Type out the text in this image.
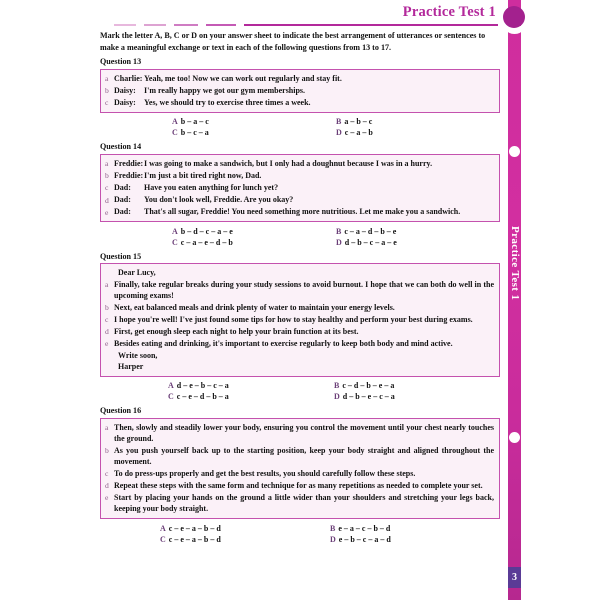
Practice Test 1
Practice Test 1
3
Mark the letter A, B, C or D on your answer sheet to indicate the best arrangement of utterances or sentences to make a meaningful exchange or text in each of the following questions from 13 to 17.
Question 13
a Charlie: Yeah, me too! Now we can work out regularly and stay fit.
b Daisy:	I'm really happy we got our gym memberships.
c Daisy:	Yes, we should try to exercise three times a week.
A b – a – c
C b – c – a
B a – b – c
D c – a – b
Question 14
a Freddie: I was going to make a sandwich, but I only had a doughnut because I was in a hurry.
b Freddie: I'm just a bit tired right now, Dad.
c Dad:	Have you eaten anything for lunch yet?
d Dad:	You don't look well, Freddie. Are you okay?
e Dad:	That's all sugar, Freddie! You need something more nutritious. Let me make you a sandwich.
A b – d – c – a – e
C c – a – e – d – b
B c – a – d – b – e
D d – b – c – a – e
Question 15
Dear Lucy,
a Finally, take regular breaks during your study sessions to avoid burnout. I hope that we can both do well in the upcoming exams!
b Next, eat balanced meals and drink plenty of water to maintain your energy levels.
c I hope you're well! I've just found some tips for how to stay healthy and perform your best during exams.
d First, get enough sleep each night to help your brain function at its best.
e Besides eating and drinking, it's important to exercise regularly to keep both body and mind active.
Write soon,
Harper
A d – e – b – c – a
C c – e – d – b – a
B c – d – b – e – a
D d – b – e – c – a
Question 16
a Then, slowly and steadily lower your body, ensuring you control the movement until your chest nearly touches the ground.
b As you push yourself back up to the starting position, keep your body straight and aligned throughout the movement.
c To do press-ups properly and get the best results, you should carefully follow these steps.
d Repeat these steps with the same form and technique for as many repetitions as needed to complete your set.
e Start by placing your hands on the ground a little wider than your shoulders and stretching your legs back, keeping your body straight.
A c – e – a – b – d
C c – e – a – b – d
B e – a – c – b – d
D e – b – c – a – d
